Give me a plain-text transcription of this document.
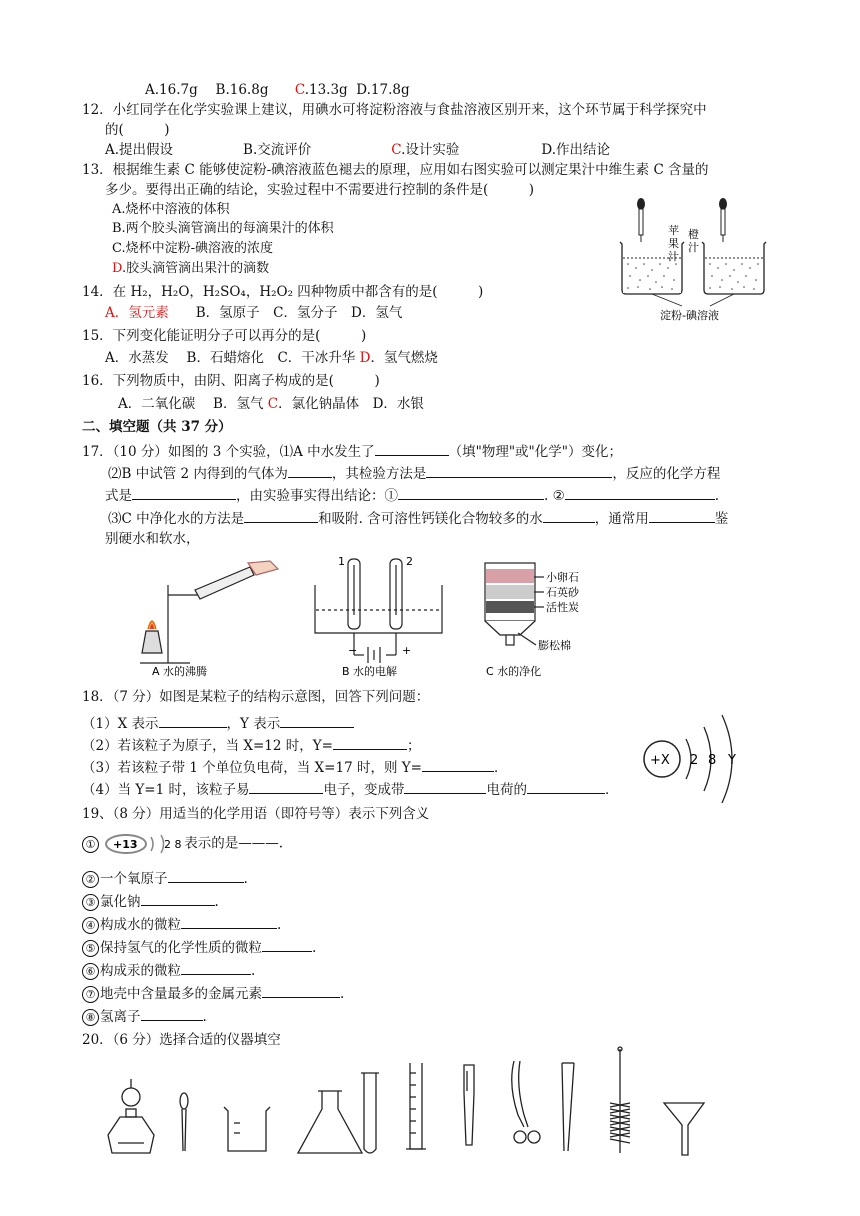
A.16.7g　 B.16.8g　 C.13.3g D.17.8g
12．小红同学在化学实验课上建议，用碘水可将淀粉溶液与食盐溶液区别开来，这个环节属于科学探究中
的(　　　)
A.提出假设	B.交流评价	C.设计实验	D.作出结论
13．根据维生素 C 能够使淀粉-碘溶液蓝色褪去的原理，应用如右图实验可以测定果汁中维生素 C 含量的
多少。要得出正确的结论，实验过程中不需要进行控制的条件是(　　　)
A.烧杯中溶液的体积
B.两个胶头滴管滴出的每滴果汁的体积
C.烧杯中淀粉-碘溶液的浓度
D.胶头滴管滴出果汁的滴数
苹
果
汁
橙
汁
淀粉-碘溶液
14．在 H₂，H₂O，H₂SO₄，H₂O₂ 四种物质中都含有的是(　　　)
A．氢元素　　 B．氢原子　 C．氢分子　 D．氢气
15．下列变化能证明分子可以再分的是(　　　)
A．水蒸发　 B．石蜡熔化　 C．干冰升华 D．氢气燃烧
16．下列物质中，由阴、阳离子构成的是(　　　)
A．二氧化碳　 B．氢气 C．氯化钠晶体　 D．水银
二、填空题（共 37 分）
17．（10 分）如图的 3 个实验，⑴A 中水发生了	（填"物理"或"化学"）变化；
⑵B 中试管 2 内得到的气体为	，其检验方法是	，反应的化学方程
式是	，由实验事实得出结论：①	. ②	.
⑶C 中净化水的方法是	和吸附. 含可溶性钙镁化合物较多的水	，通常用	鉴
别硬水和软水，
A 水的沸腾
1	2
−	+
B 水的电解
小卵石
石英砂
活性炭
膨松棉
C 水的净化
18．（7 分）如图是某粒子的结构示意图，回答下列问题：
（1）X 表示	，Y 表示
（2）若该粒子为原子，当 X=12 时，Y=	；
（3）若该粒子带 1 个单位负电荷，当 X=17 时，则 Y=	．
（4）当 Y=1 时，该粒子易	电子，变成带	电荷的	．
+X 2 8 Y
19、（8 分）用适当的化学用语（即符号等）表示下列含义
① +13 2 8 表示的是———.
② 一个氧原子	.
③ 氯化钠	.
④ 构成水的微粒	.
⑤ 保持氢气的化学性质的微粒	.
⑥ 构成汞的微粒	.
⑦ 地壳中含量最多的金属元素	.
⑧ 氢离子	.
20．（6 分）选择合适的仪器填空
